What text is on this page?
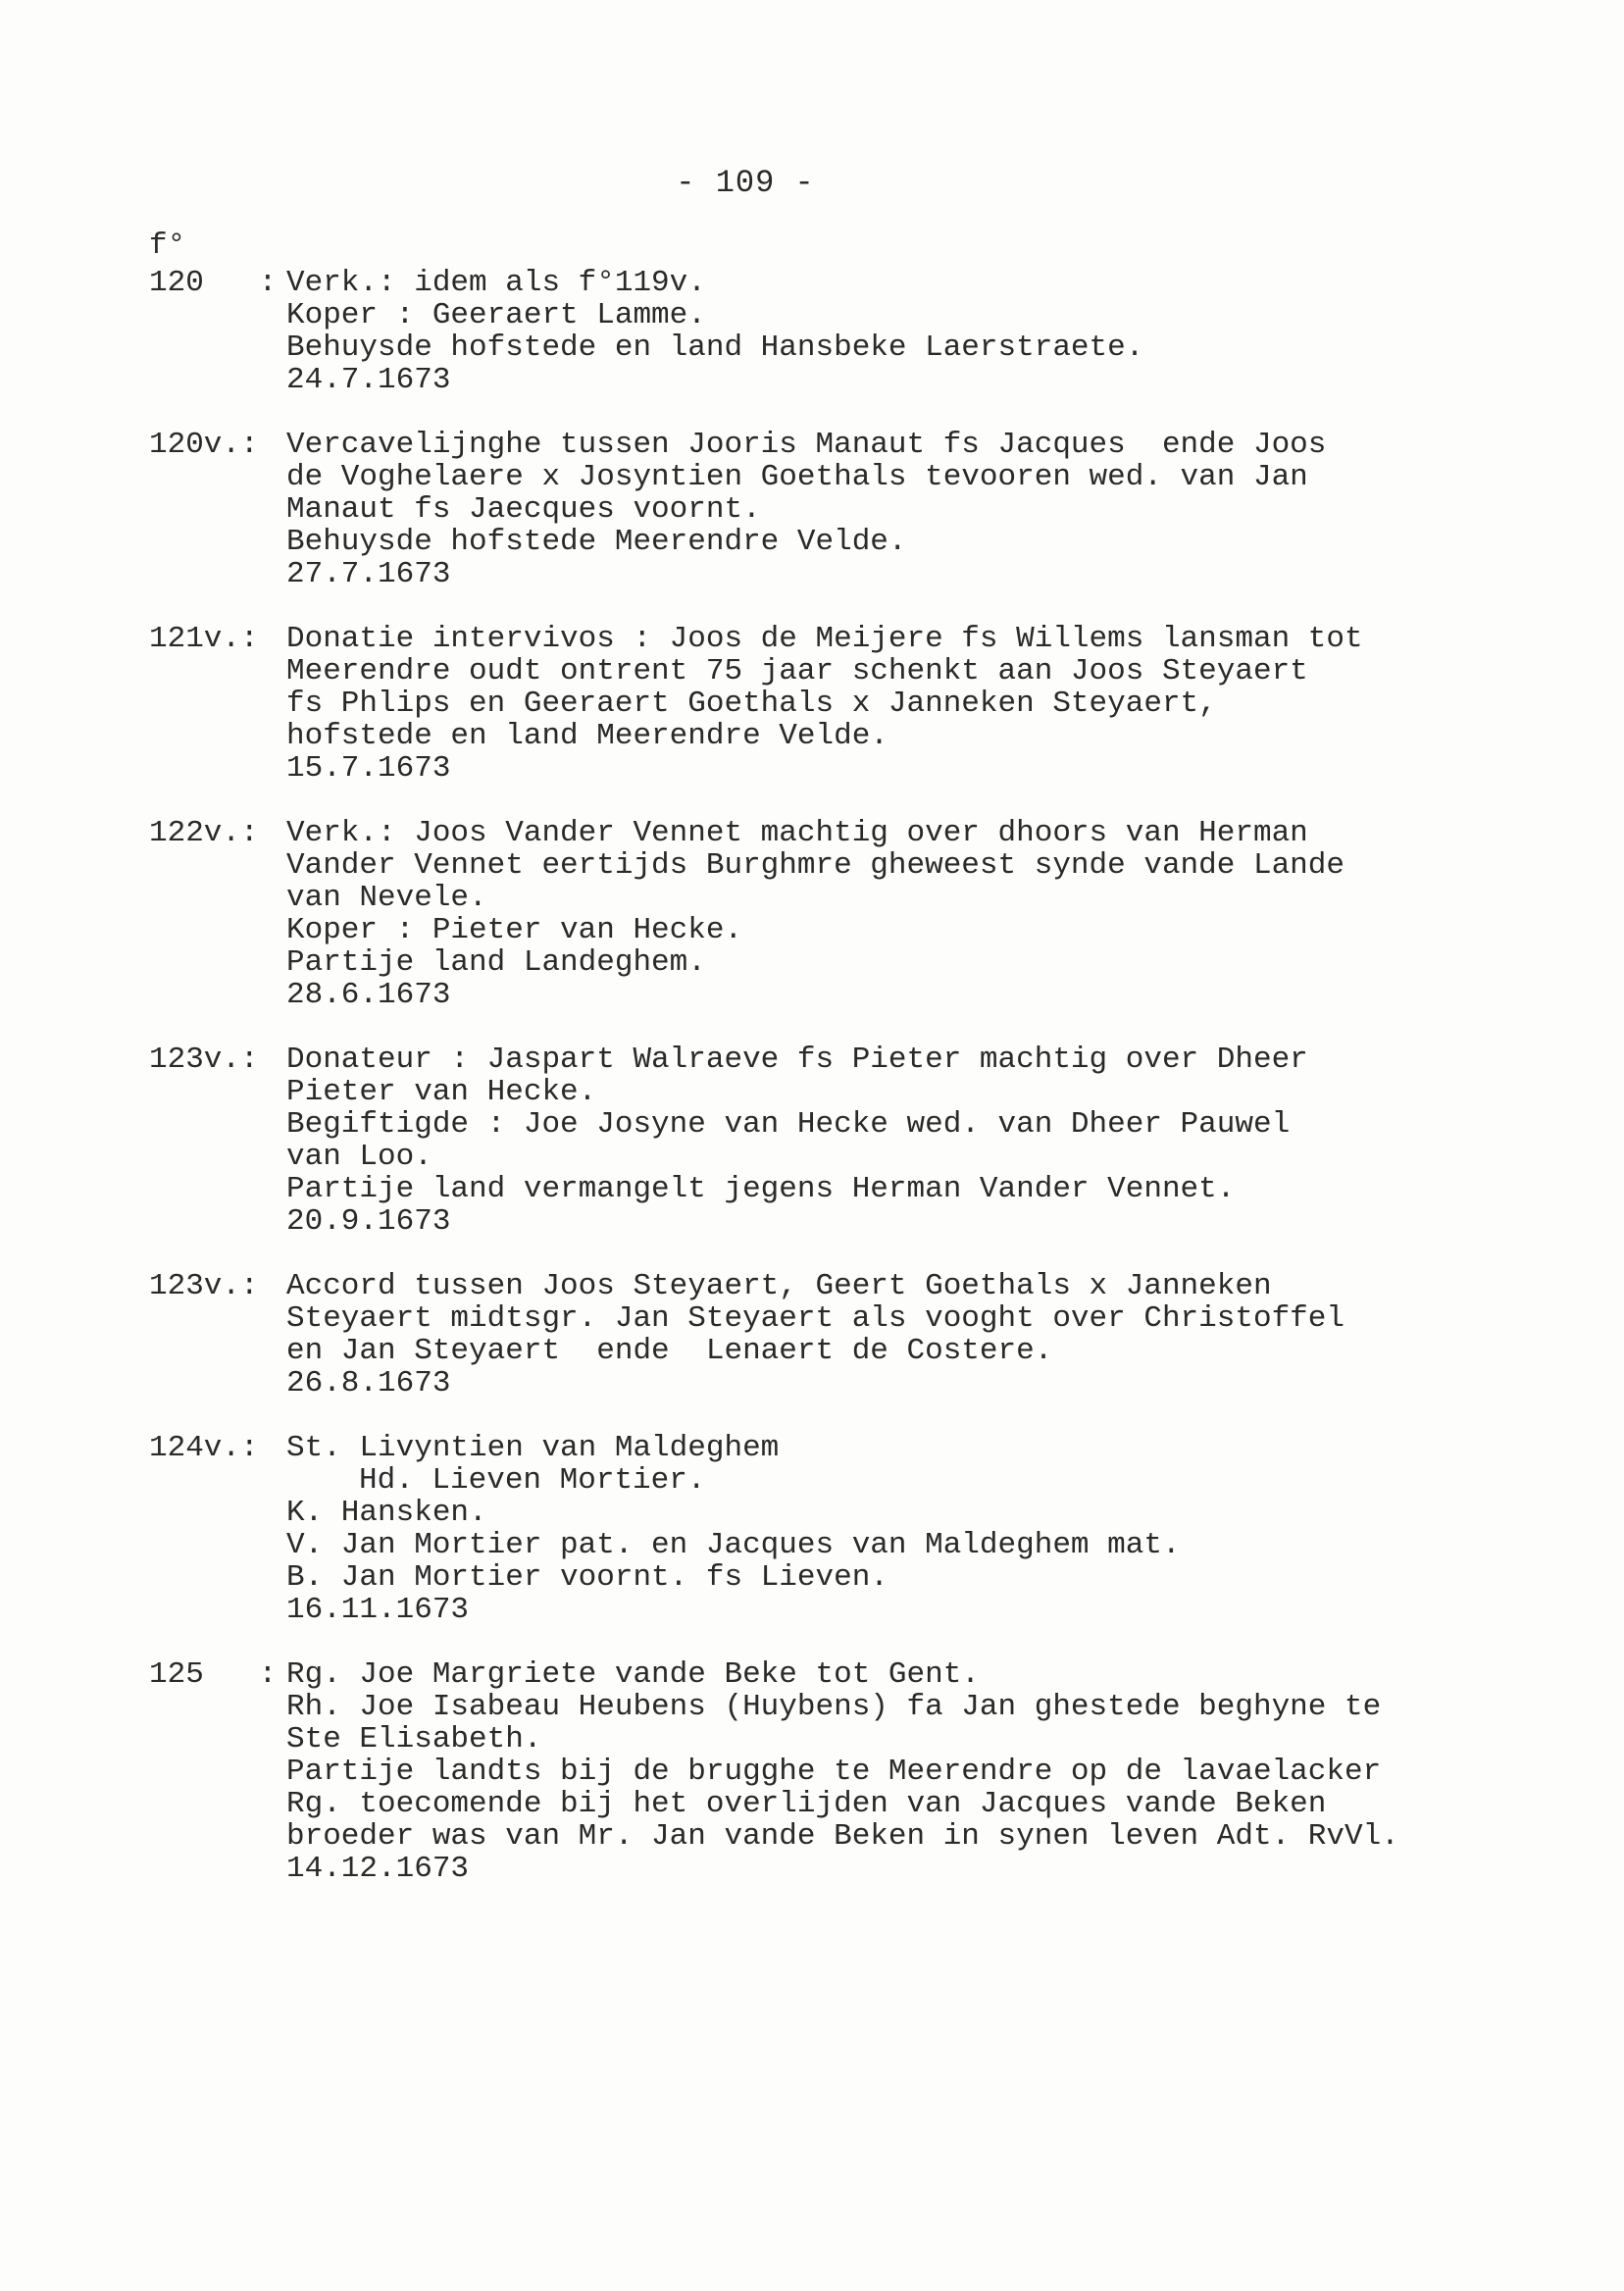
- 109 -
f°
120   : Verk.: idem als f°119v.
Koper : Geeraert Lamme.
Behuysde hofstede en land Hansbeke Laerstraete.
24.7.1673
120v.: Vercavelijnghe tussen Jooris Manaut fs Jacques  ende Joos
de Voghelaere x Josyntien Goethals tevooren wed. van Jan
Manaut fs Jaecques voornt.
Behuysde hofstede Meerendre Velde.
27.7.1673
121v.: Donatie intervivos : Joos de Meijere fs Willems lansman tot
Meerendre oudt ontrent 75 jaar schenkt aan Joos Steyaert
fs Phlips en Geeraert Goethals x Janneken Steyaert,
hofstede en land Meerendre Velde.
15.7.1673
122v.: Verk.: Joos Vander Vennet machtig over dhoors van Herman
Vander Vennet eertijds Burghmre gheweest synde vande Lande
van Nevele.
Koper : Pieter van Hecke.
Partije land Landeghem.
28.6.1673
123v.: Donateur : Jaspart Walraeve fs Pieter machtig over Dheer
Pieter van Hecke.
Begiftigde : Joe Josyne van Hecke wed. van Dheer Pauwel
van Loo.
Partije land vermangelt jegens Herman Vander Vennet.
20.9.1673
123v.: Accord tussen Joos Steyaert, Geert Goethals x Janneken
Steyaert midtsgr. Jan Steyaert als vooght over Christoffel
en Jan Steyaert  ende  Lenaert de Costere.
26.8.1673
124v.: St. Livyntien van Maldeghem
Hd. Lieven Mortier.
K. Hansken.
V. Jan Mortier pat. en Jacques van Maldeghem mat.
B. Jan Mortier voornt. fs Lieven.
16.11.1673
125   : Rg. Joe Margriete vande Beke tot Gent.
Rh. Joe Isabeau Heubens (Huybens) fa Jan ghestede beghyne te
Ste Elisabeth.
Partije landts bij de brugghe te Meerendre op de lavaelacker
Rg. toecomende bij het overlijden van Jacques vande Beken
broeder was van Mr. Jan vande Beken in synen leven Adt. RvVl.
14.12.1673
